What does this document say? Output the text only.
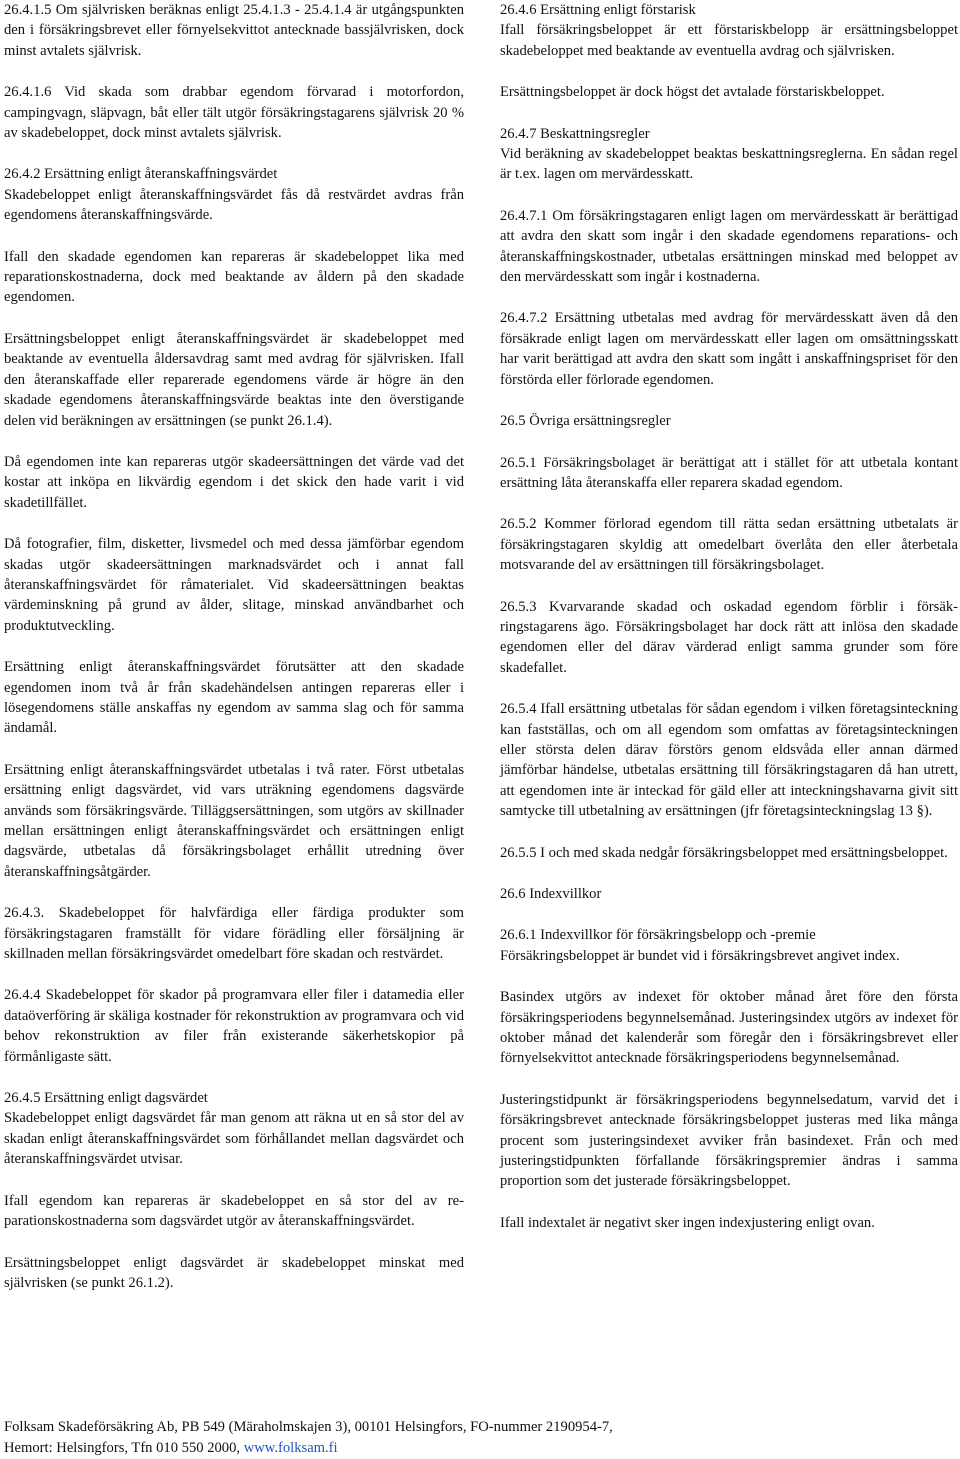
26.4.1.5 Om självrisken beräknas enligt 25.4.1.3 - 25.4.1.4 är utgångspunkten den i försäkringsbrevet eller förnyelsekvittot antecknade bassjälvrisken, dock minst avtalets självrisk.
26.4.1.6 Vid skada som drabbar egendom förvarad i motorfordon, campingvagn, släpvagn, båt eller tält utgör försäkringstagarens självrisk 20 % av skadebeloppet, dock minst avtalets självrisk.
26.4.2 Ersättning enligt återanskaffningsvärdet
Skadebeloppet enligt återanskaffningsvärdet fås då restvärdet avdras från egendomens återanskaffningsvärde.
Ifall den skadade egendomen kan repareras är skadebeloppet lika med reparationskostnaderna, dock med beaktande av åldern på den skadade egendomen.
Ersättningsbeloppet enligt återanskaffningsvärdet är skadebeloppet med beaktande av eventuella åldersavdrag samt med avdrag för självrisken. Ifall den återanskaffade eller reparerade egendomens värde är högre än den skadade egendomens återanskaffningsvärde beaktas inte den överstigande delen vid beräkningen av ersättningen (se punkt 26.1.4).
Då egendomen inte kan repareras utgör skadeersättningen det värde vad det kostar att inköpa en likvärdig egendom i det skick den hade varit i vid skadetillfället.
Då fotografier, film, disketter, livsmedel och med dessa jämförbar egendom skadas utgör skadeersättningen marknadsvärdet och i annat fall återanskaffningsvärdet för råmaterialet. Vid skadeersättningen beaktas värdeminskning på grund av ålder, slitage, minskad användbarhet och produktutveckling.
Ersättning enligt återanskaffningsvärdet förutsätter att den skadade egendomen inom två år från skadehändelsen antingen repareras eller i lösegendomens ställe anskaffas ny egendom av samma slag och för samma ändamål.
Ersättning enligt återanskaffningsvärdet utbetalas i två rater. Först utbetalas ersättning enligt dagsvärdet, vid vars uträkning egendomens dagsvärde används som försäkringsvärde. Tilläggsersättningen, som utgörs av skillnader mellan ersättningen enligt återanskaffningsvärdet och ersättningen enligt dagsvärde, utbetalas då försäkringsbolaget erhållit utredning över återanskaffningsåtgärder.
26.4.3. Skadebeloppet för halvfärdiga eller färdiga produkter som försäkringstagaren framställt för vidare förädling eller försäljning är skillnaden mellan försäkringsvärdet omedelbart före skadan och restvärdet.
26.4.4 Skadebeloppet för skador på programvara eller filer i datamedia eller dataöverföring är skäliga kostnader för rekonstruktion av programvara och vid behov rekonstruktion av filer från existerande säkerhetskopior på förmånligaste sätt.
26.4.5 Ersättning enligt dagsvärdet
Skadebeloppet enligt dagsvärdet får man genom att räkna ut en så stor del av skadan enligt återanskaffningsvärdet som förhållandet mellan dagsvärdet och återanskaffningsvärdet utvisar.
Ifall egendom kan repareras är skadebeloppet en så stor del av reparationskostnaderna som dagsvärdet utgör av återanskaffningsvärdet.
Ersättningsbeloppet enligt dagsvärdet är skadebeloppet minskat med självrisken (se punkt 26.1.2).
26.4.6 Ersättning enligt förstarisk
Ifall försäkringsbeloppet är ett förstariskbelopp är ersättningsbeloppet skadebeloppet med beaktande av eventuella avdrag och självrisken.
Ersättningsbeloppet är dock högst det avtalade förstariskbeloppet.
26.4.7 Beskattningsregler
Vid beräkning av skadebeloppet beaktas beskattningsreglerna. En sådan regel är t.ex. lagen om mervärdesskatt.
26.4.7.1 Om försäkringstagaren enligt lagen om mervärdesskatt är berättigad att avdra den skatt som ingår i den skadade egendomens reparations- och återanskaffningskostnader, utbetalas ersättningen minskad med beloppet av den mervärdesskatt som ingår i kostnaderna.
26.4.7.2 Ersättning utbetalas med avdrag för mervärdesskatt även då den försäkrade enligt lagen om mervärdesskatt eller lagen om omsättningsskatt har varit berättigad att avdra den skatt som ingått i anskaffningspriset för den förstörda eller förlorade egendomen.
26.5 Övriga ersättningsregler
26.5.1 Försäkringsbolaget är berättigat att i stället för att utbetala kontant ersättning låta återanskaffa eller reparera skadad egendom.
26.5.2 Kommer förlorad egendom till rätta sedan ersättning utbetalats är försäkringstagaren skyldig att omedelbart överlåta den eller återbetala motsvarande del av ersättningen till försäkringsbolaget.
26.5.3 Kvarvarande skadad och oskadad egendom förblir i försäkringstagarens ägo. Försäkringsbolaget har dock rätt att inlösa den skadade egendomen eller del därav värderad enligt samma grunder som före skadefallet.
26.5.4 Ifall ersättning utbetalas för sådan egendom i vilken företagsinteckning kan fastställas, och om all egendom som omfattas av företagsinteckningen eller största delen därav förstörs genom eldsvåda eller annan därmed jämförbar händelse, utbetalas ersättning till försäkringstagaren då han utrett, att egendomen inte är inteckad för gäld eller att inteckningshavarna givit sitt samtycke till utbetalning av ersättningen (jfr företagsinteckningslag 13 §).
26.5.5 I och med skada nedgår försäkringsbeloppet med ersättningsbeloppet.
26.6 Indexvillkor
26.6.1 Indexvillkor för försäkringsbelopp och -premie
Försäkringsbeloppet är bundet vid i försäkringsbrevet angivet index.
Basindex utgörs av indexet för oktober månad året före den första försäkringsperiodens begynnelsemånad. Justeringsindex utgörs av indexet för oktober månad det kalenderår som föregår den i försäkringsbrevet eller förnyelsekvittot antecknade försäkringsperiodens begynnelsemånad.
Justeringstidpunkt är försäkringsperiodens begynnelsedatum, varvid det i försäkringsbrevet antecknade försäkringsbeloppet justeras med lika många procent som justeringsindexet avviker från basindexet. Från och med justeringstidpunkten förfallande försäkringspremier ändras i samma proportion som det justerade försäkringsbeloppet.
Ifall indextalet är negativt sker ingen indexjustering enligt ovan.
Folksam Skadeförsäkring Ab, PB 549 (Märaholmskajen 3), 00101 Helsingfors, FO-nummer 2190954-7,
Hemort: Helsingfors, Tfn 010 550 2000, www.folksam.fi
